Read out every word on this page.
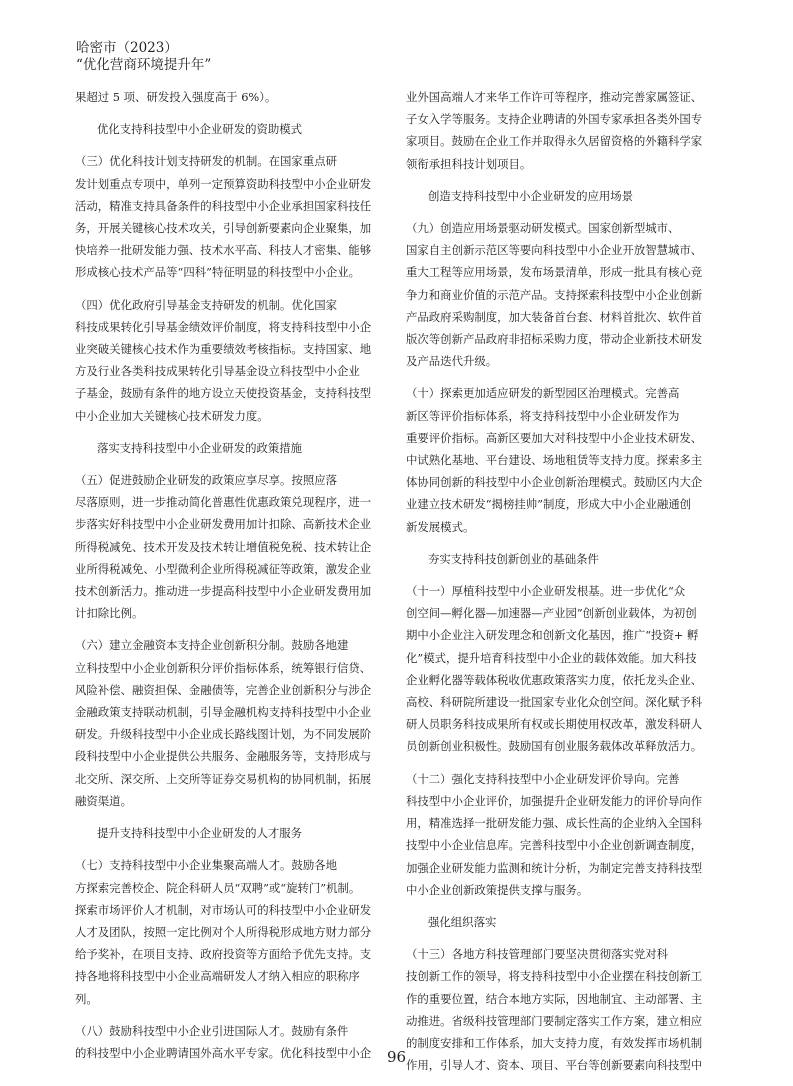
哈密市（2023）
“优化营商环境提升年”
果超过 5 项、研发投入强度高于 6%）。
优化支持科技型中小企业研发的资助模式
（三）优化科技计划支持研发的机制。在国家重点研
发计划重点专项中，单列一定预算资助科技型中小企业研发
活动，精准支持具备条件的科技型中小企业承担国家科技任
务，开展关键核心技术攻关，引导创新要素向企业聚集，加
快培养一批研发能力强、技术水平高、科技人才密集、能够
形成核心技术产品等“四科”特征明显的科技型中小企业。
（四）优化政府引导基金支持研发的机制。优化国家
科技成果转化引导基金绩效评价制度，将支持科技型中小企
业突破关键核心技术作为重要绩效考核指标。支持国家、地
方及行业各类科技成果转化引导基金设立科技型中小企业
子基金，鼓励有条件的地方设立天使投资基金，支持科技型
中小企业加大关键核心技术研发力度。
落实支持科技型中小企业研发的政策措施
（五）促进鼓励企业研发的政策应享尽享。按照应落
尽落原则，进一步推动简化普惠性优惠政策兑现程序，进一
步落实好科技型中小企业研发费用加计扣除、高新技术企业
所得税减免、技术开发及技术转让增值税免税、技术转让企
业所得税减免、小型微利企业所得税减征等政策，激发企业
技术创新活力。推动进一步提高科技型中小企业研发费用加
计扣除比例。
（六）建立金融资本支持企业创新积分制。鼓励各地建
立科技型中小企业创新积分评价指标体系，统筹银行信贷、
风险补偿、融资担保、金融债等，完善企业创新积分与涉企
金融政策支持联动机制，引导金融机构支持科技型中小企业
研发。升级科技型中小企业成长路线图计划，为不同发展阶
段科技型中小企业提供公共服务、金融服务等，支持形成与
北交所、深交所、上交所等证券交易机构的协同机制，拓展
融资渠道。
提升支持科技型中小企业研发的人才服务
（七）支持科技型中小企业集聚高端人才。鼓励各地
方探索完善校企、院企科研人员“双聘”或“旋转门”机制。
探索市场评价人才机制，对市场认可的科技型中小企业研发
人才及团队，按照一定比例对个人所得税形成地方财力部分
给予奖补，在项目支持、政府投资等方面给予优先支持。支
持各地将科技型中小企业高端研发人才纳入相应的职称序
列。
（八）鼓励科技型中小企业引进国际人才。鼓励有条件
的科技型中小企业聘请国外高水平专家。优化科技型中小企
业外国高端人才来华工作许可等程序，推动完善家属签证、
子女入学等服务。支持企业聘请的外国专家承担各类外国专
家项目。鼓励在企业工作并取得永久居留资格的外籍科学家
领衔承担科技计划项目。
创造支持科技型中小企业研发的应用场景
（九）创造应用场景驱动研发模式。国家创新型城市、
国家自主创新示范区等要向科技型中小企业开放智慧城市、
重大工程等应用场景，发布场景清单，形成一批具有核心竞
争力和商业价值的示范产品。支持探索科技型中小企业创新
产品政府采购制度，加大装备首台套、材料首批次、软件首
版次等创新产品政府非招标采购力度，带动企业新技术研发
及产品迭代升级。
（十）探索更加适应研发的新型园区治理模式。完善高
新区等评价指标体系，将支持科技型中小企业研发作为
重要评价指标。高新区要加大对科技型中小企业技术研发、
中试熟化基地、平台建设、场地租赁等支持力度。探索多主
体协同创新的科技型中小企业创新治理模式。鼓励区内大企
业建立技术研发“揭榜挂帅”制度，形成大中小企业融通创
新发展模式。
夯实支持科技创新创业的基础条件
（十一）厚植科技型中小企业研发根基。进一步优化“众
创空间—孵化器—加速器—产业园”创新创业载体，为初创
期中小企业注入研发理念和创新文化基因，推广“投资+ 孵
化”模式，提升培育科技型中小企业的载体效能。加大科技
企业孵化器等载体税收优惠政策落实力度，依托龙头企业、
高校、科研院所建设一批国家专业化众创空间。深化赋予科
研人员职务科技成果所有权或长期使用权改革，激发科研人
员创新创业积极性。鼓励国有创业服务载体改革释放活力。
（十二）强化支持科技型中小企业研发评价导向。完善
科技型中小企业评价，加强提升企业研发能力的评价导向作
用，精准选择一批研发能力强、成长性高的企业纳入全国科
技型中小企业信息库。完善科技型中小企业创新调查制度，
加强企业研发能力监测和统计分析，为制定完善支持科技型
中小企业创新政策提供支撑与服务。
强化组织落实
（十三）各地方科技管理部门要坚决贯彻落实党对科
技创新工作的领导，将支持科技型中小企业摆在科技创新工
作的重要位置，结合本地方实际，因地制宜、主动部署、主
动推进。省级科技管理部门要制定落实工作方案，建立相应
的制度安排和工作体系，加大支持力度，有效发挥市场机制
作用，引导人才、资本、项目、平台等创新要素向科技型中
96
